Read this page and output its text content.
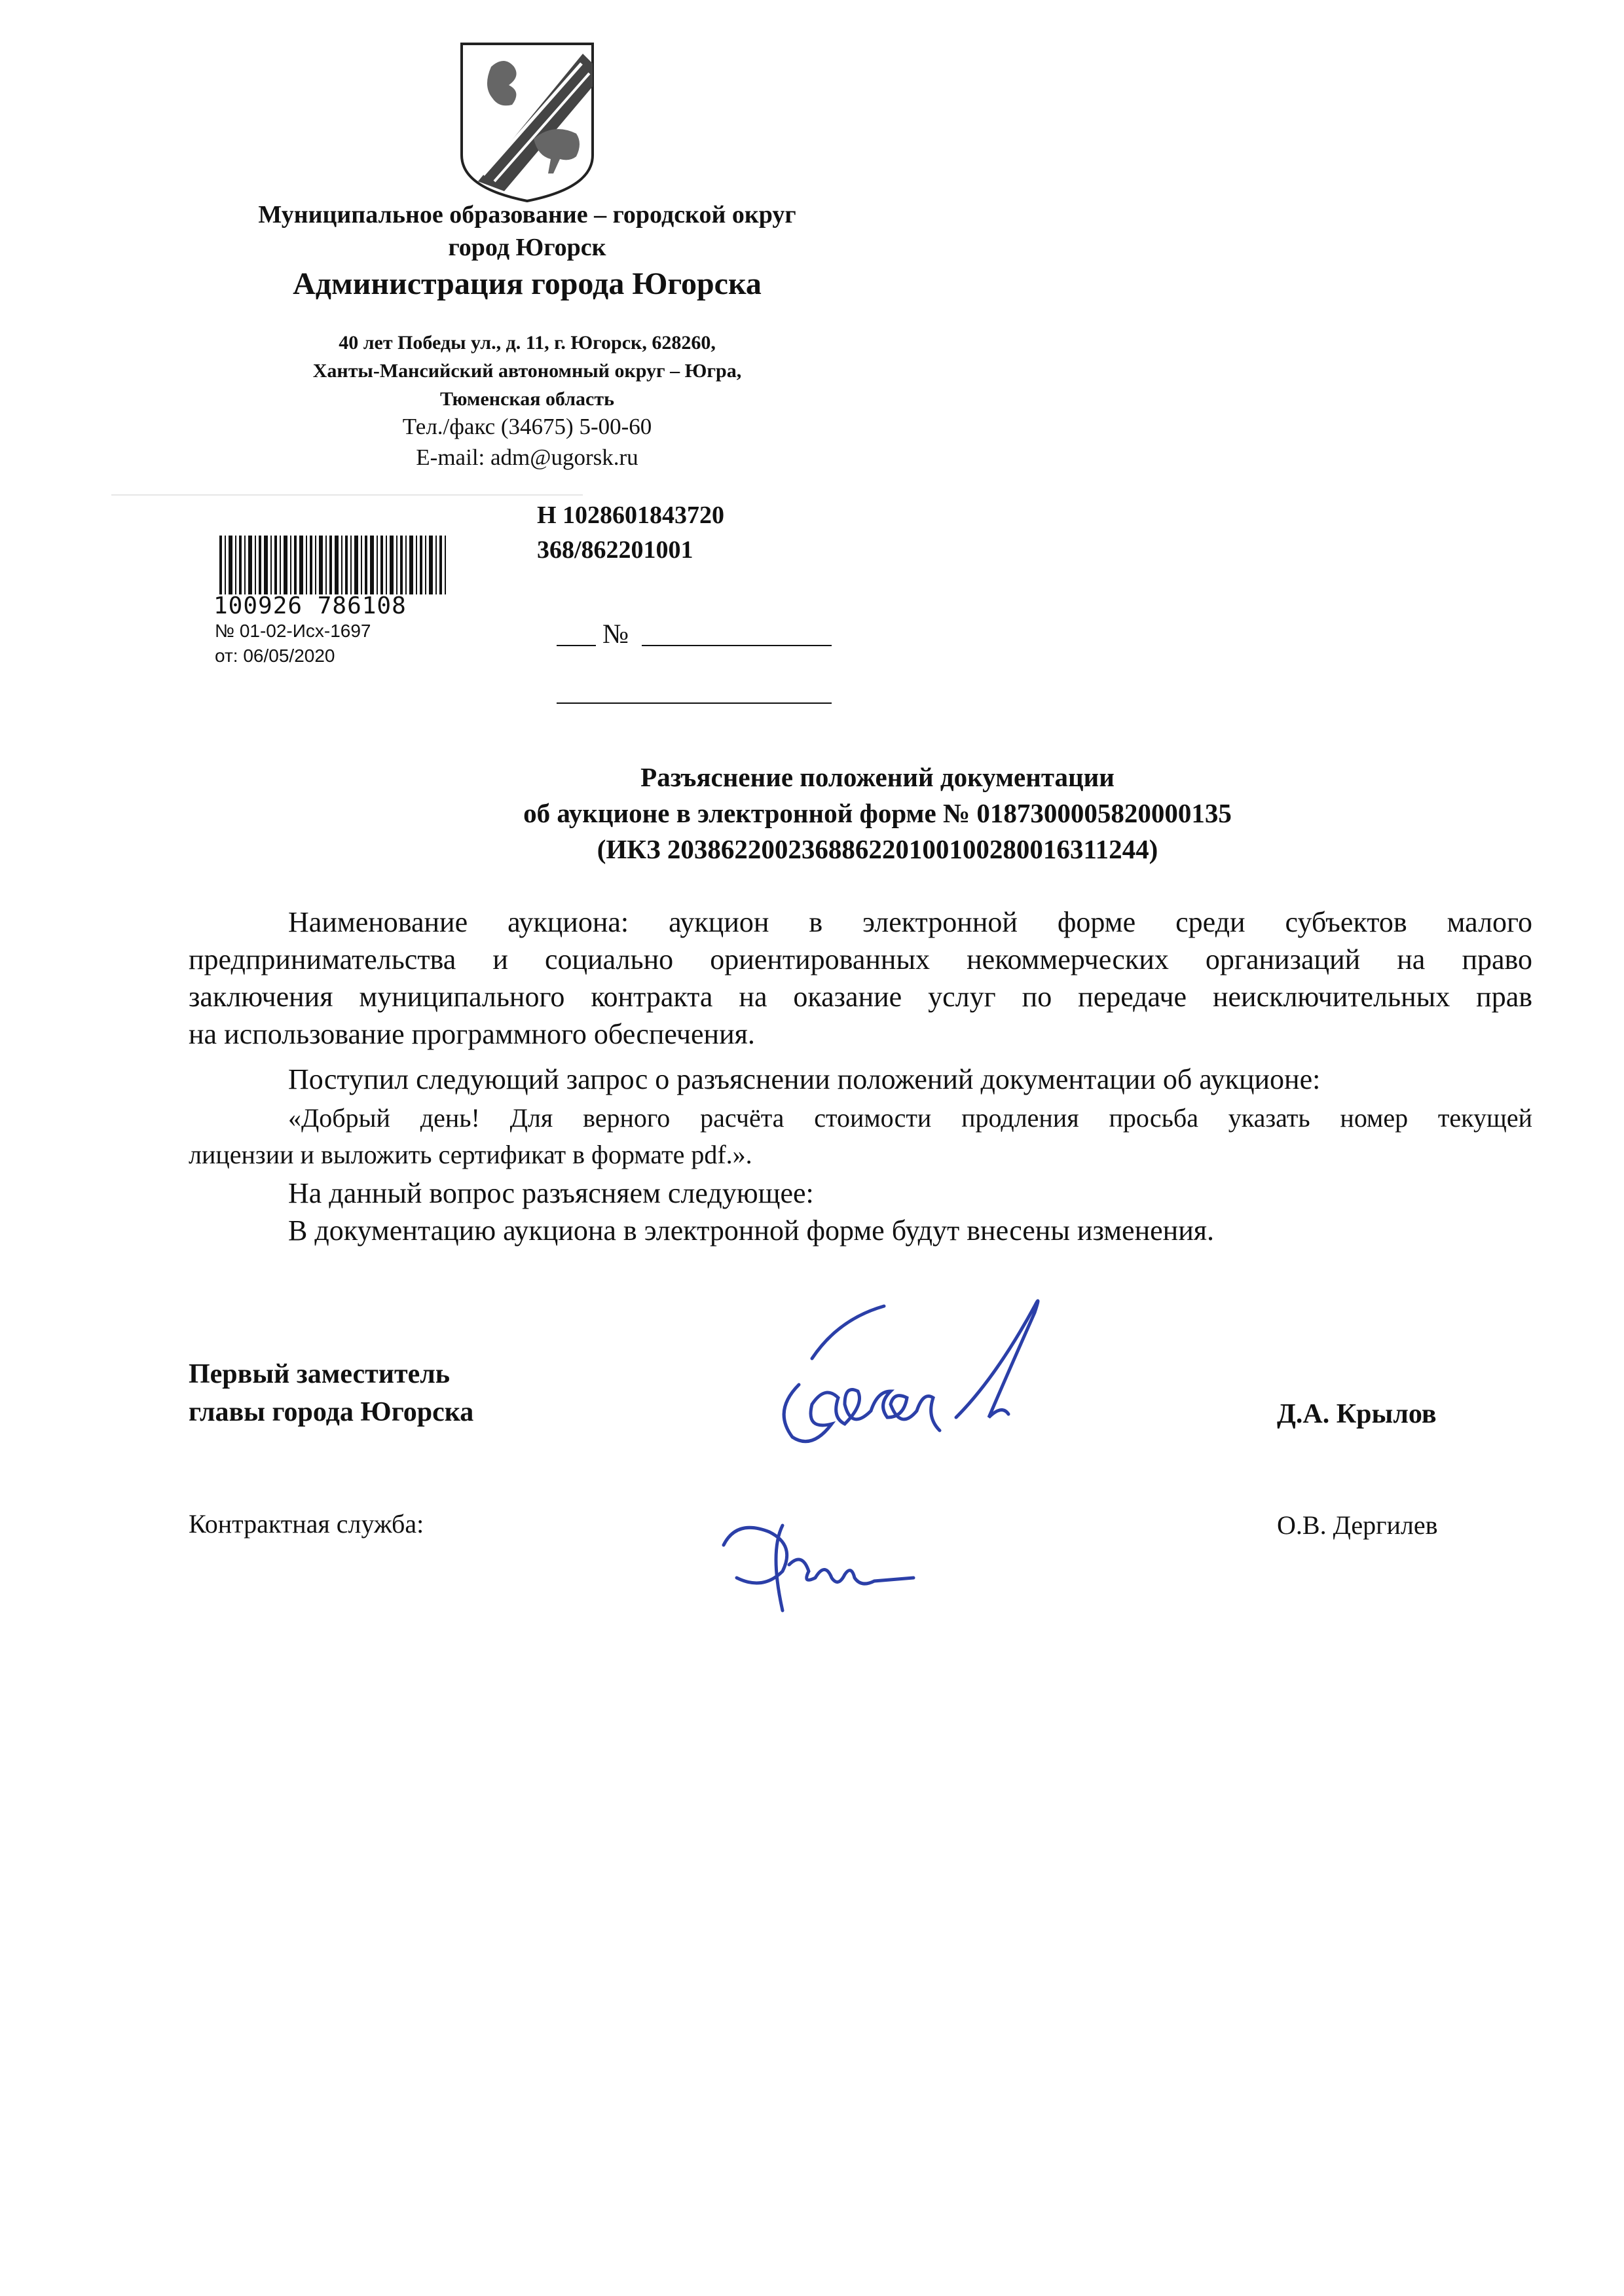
Муниципальное образование – городской округ
город Югорск
Администрация города Югорска
40 лет Победы ул., д. 11, г. Югорск, 628260,
Ханты-Мансийский автономный округ – Югра,
Тюменская область
Тел./факс (34675) 5-00-60
E-mail: adm@ugorsk.ru
Н 1028601843720
368/862201001
100926 786108
№ 01-02-Исх-1697
от: 06/05/2020
№
Разъяснение положений документации
об аукционе в электронной форме № 0187300005820000135
(ИКЗ 203862200236886220100100280016311244)
Наименование аукциона: аукцион в электронной форме среди субъектов малого
предпринимательства и социально ориентированных некоммерческих организаций на право
заключения муниципального контракта на оказание услуг по передаче неисключительных прав
на использование программного обеспечения.
Поступил следующий запрос о разъяснении положений документации об аукционе:
«Добрый день! Для верного расчёта стоимости продления просьба указать номер текущей
лицензии и выложить сертификат в формате pdf.».
На данный вопрос разъясняем следующее:
В документацию аукциона в электронной форме будут внесены изменения.
Первый заместитель
главы города Югорска	Д.А. Крылов
Контрактная служба:	О.В. Дергилев
